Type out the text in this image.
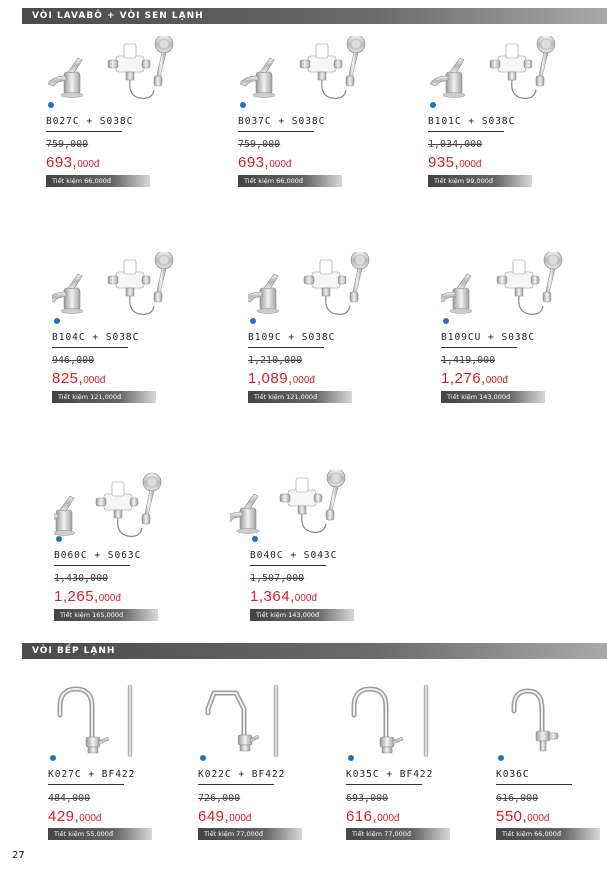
VÒI LAVABÔ + VÒI SEN LẠNH
VÒI BẾP LẠNH
B027C + S038C
759,000
693,000đ
Tiết kiệm 66,000đ
B037C + S038C
759,000
693,000đ
Tiết kiệm 66,000đ
B101C + S038C
1,034,000
935,000đ
Tiết kiệm 99,000đ
B104C + S038C
946,000
825,000đ
Tiết kiệm 121,000đ
B109C + S038C
1,210,000
1,089,000đ
Tiết kiệm 121,000đ
B109CU + S038C
1,419,000
1,276,000đ
Tiết kiệm 143,000đ
B060C + S063C
1,430,000
1,265,000đ
Tiết kiệm 165,000đ
B040C + S043C
1,507,000
1,364,000đ
Tiết kiệm 143,000đ
K027C + BF422
484,000
429,000đ
Tiết kiệm 55,000đ
K022C + BF422
726,000
649,000đ
Tiết kiệm 77,000đ
K035C + BF422
693,000
616,000đ
Tiết kiệm 77,000đ
K036C
616,000
550,000đ
Tiết kiệm 66,000đ
27
